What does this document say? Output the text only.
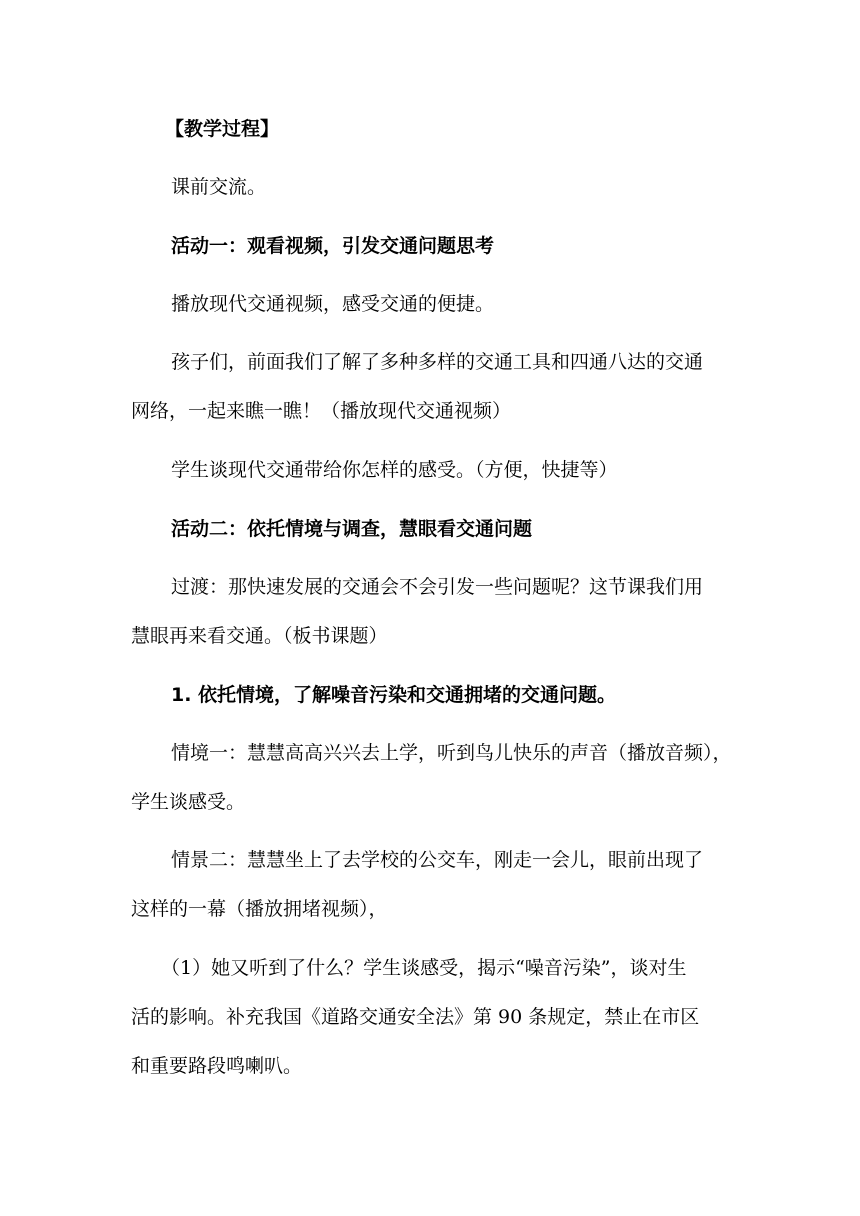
【教学过程】
课前交流。
活动一：观看视频，引发交通问题思考
播放现代交通视频，感受交通的便捷。
孩子们，前面我们了解了多种多样的交通工具和四通八达的交通
网络，一起来瞧一瞧！（播放现代交通视频）
学生谈现代交通带给你怎样的感受。（方便，快捷等）
活动二：依托情境与调查，慧眼看交通问题
过渡：那快速发展的交通会不会引发一些问题呢？这节课我们用
慧眼再来看交通。（板书课题）
1. 依托情境，了解噪音污染和交通拥堵的交通问题。
情境一：慧慧高高兴兴去上学，听到鸟儿快乐的声音（播放音频），
学生谈感受。
情景二：慧慧坐上了去学校的公交车，刚走一会儿，眼前出现了
这样的一幕（播放拥堵视频），
（1）她又听到了什么？学生谈感受，揭示“噪音污染”，谈对生
活的影响。补充我国《道路交通安全法》第 90 条规定，禁止在市区
和重要路段鸣喇叭。
